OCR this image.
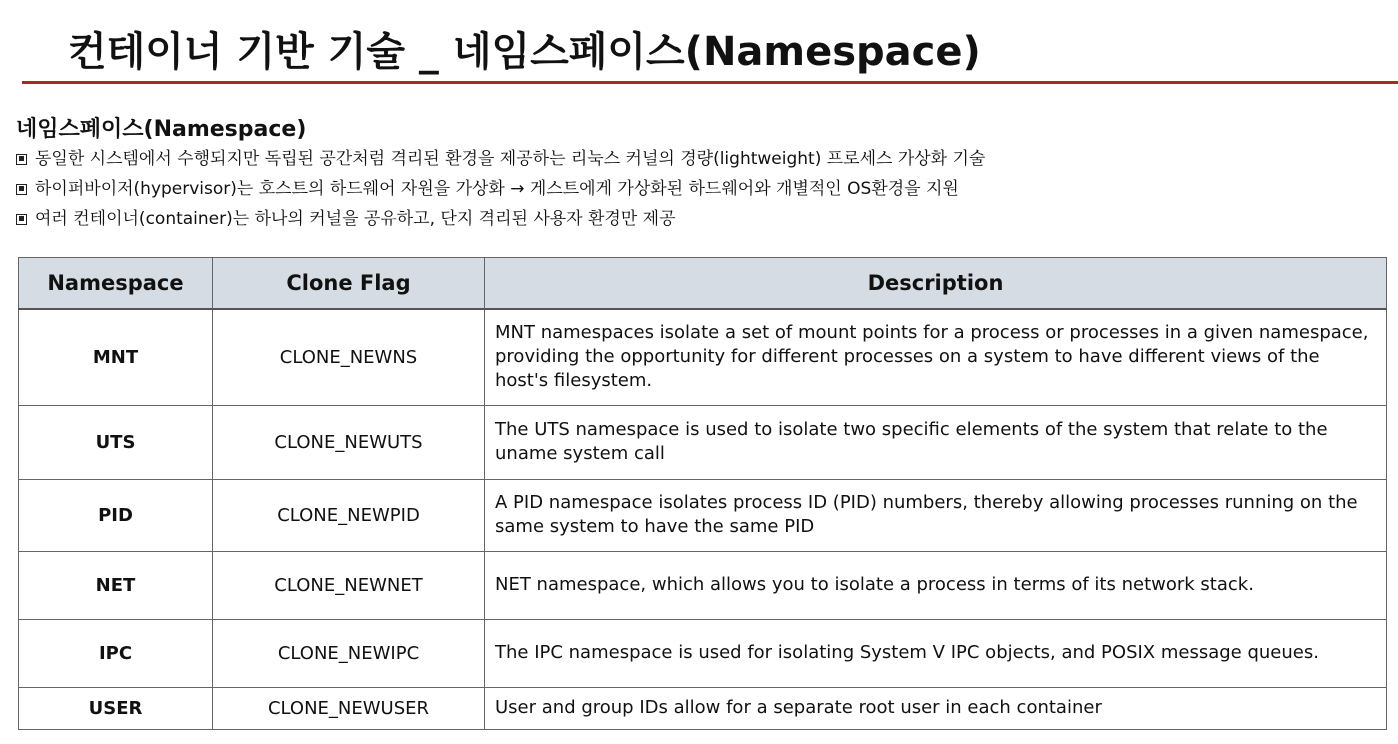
컨테이너 기반 기술 _ 네임스페이스(Namespace)
네임스페이스(Namespace)
동일한 시스템에서 수행되지만 독립된 공간처럼 격리된 환경을 제공하는 리눅스 커널의 경량(lightweight) 프로세스 가상화 기술
하이퍼바이저(hypervisor)는 호스트의 하드웨어 자원을 가상화 → 게스트에게 가상화된 하드웨어와 개별적인 OS환경을 지원
여러 컨테이너(container)는 하나의 커널을 공유하고, 단지 격리된 사용자 환경만 제공
Namespace	Clone Flag	Description
MNT	CLONE_NEWNS	MNT namespaces isolate a set of mount points for a process or processes in a given namespace, providing the opportunity for different processes on a system to have different views of the host's filesystem.
UTS	CLONE_NEWUTS	The UTS namespace is used to isolate two specific elements of the system that relate to the uname system call
PID	CLONE_NEWPID	A PID namespace isolates process ID (PID) numbers, thereby allowing processes running on the same system to have the same PID
NET	CLONE_NEWNET	NET namespace, which allows you to isolate a process in terms of its network stack.
IPC	CLONE_NEWIPC	The IPC namespace is used for isolating System V IPC objects, and POSIX message queues.
USER	CLONE_NEWUSER	User and group IDs allow for a separate root user in each container
